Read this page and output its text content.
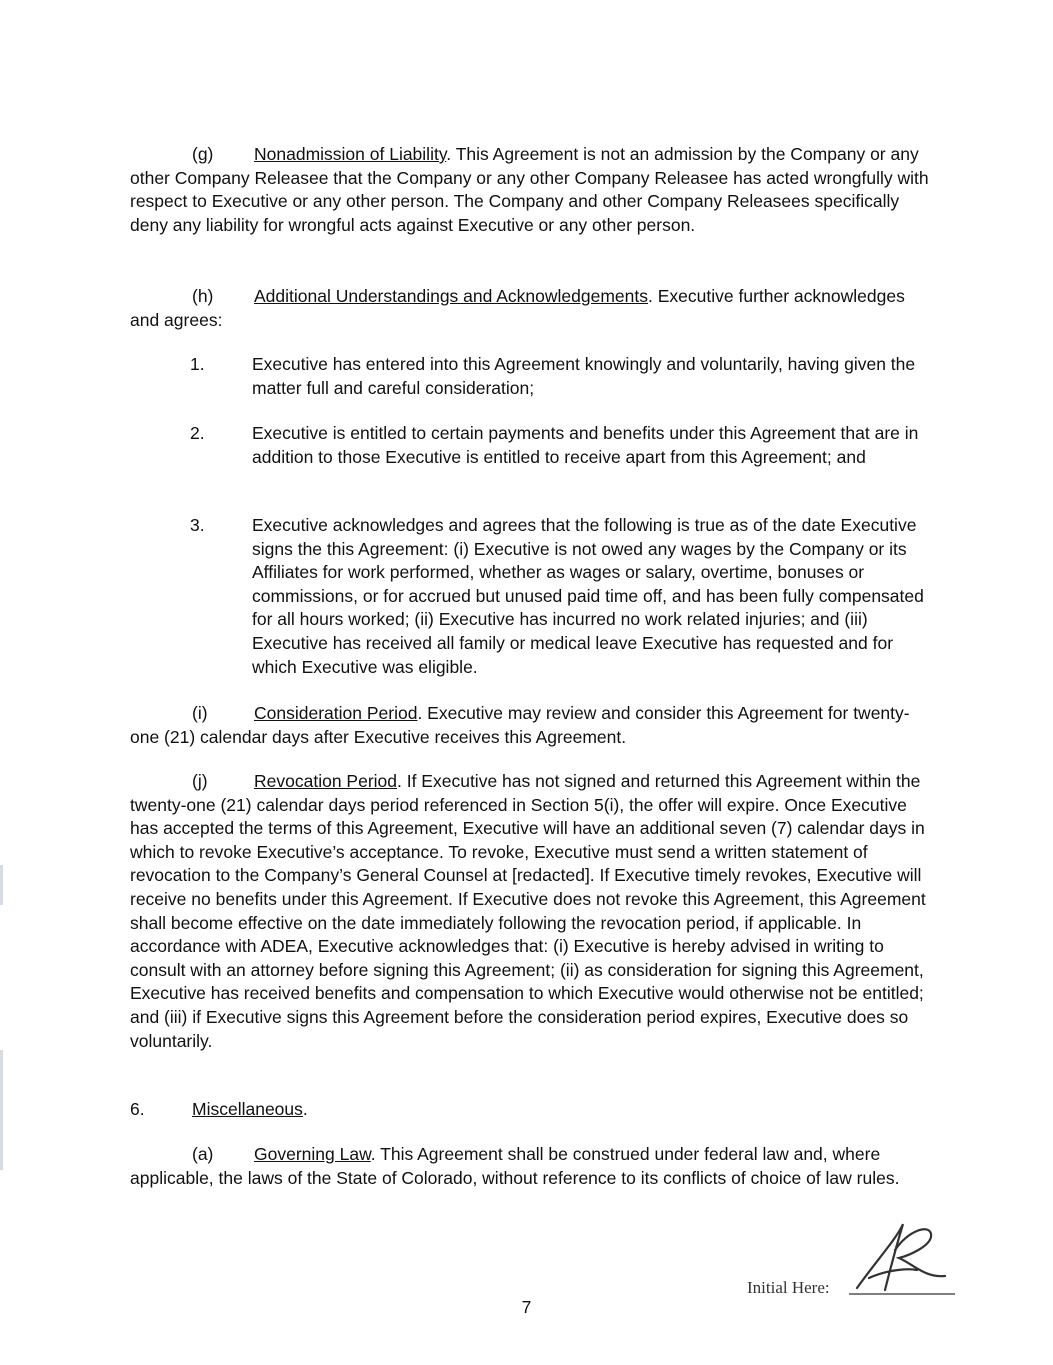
(g) Nonadmission of Liability. This Agreement is not an admission by the Company or any other Company Releasee that the Company or any other Company Releasee has acted wrongfully with respect to Executive or any other person. The Company and other Company Releasees specifically deny any liability for wrongful acts against Executive or any other person.

(h) Additional Understandings and Acknowledgements. Executive further acknowledges and agrees:

1.	Executive has entered into this Agreement knowingly and voluntarily, having given the matter full and careful consideration;

2.	Executive is entitled to certain payments and benefits under this Agreement that are in addition to those Executive is entitled to receive apart from this Agreement; and

3.	Executive acknowledges and agrees that the following is true as of the date Executive signs the this Agreement: (i) Executive is not owed any wages by the Company or its Affiliates for work performed, whether as wages or salary, overtime, bonuses or commissions, or for accrued but unused paid time off, and has been fully compensated for all hours worked; (ii) Executive has incurred no work related injuries; and (iii) Executive has received all family or medical leave Executive has requested and for which Executive was eligible.

(i)	Consideration Period. Executive may review and consider this Agreement for twenty-one (21) calendar days after Executive receives this Agreement.

(j)	Revocation Period. If Executive has not signed and returned this Agreement within the twenty-one (21) calendar days period referenced in Section 5(i), the offer will expire. Once Executive has accepted the terms of this Agreement, Executive will have an additional seven (7) calendar days in which to revoke Executive’s acceptance. To revoke, Executive must send a written statement of revocation to the Company’s General Counsel at [redacted]. If Executive timely revokes, Executive will receive no benefits under this Agreement. If Executive does not revoke this Agreement, this Agreement shall become effective on the date immediately following the revocation period, if applicable. In accordance with ADEA, Executive acknowledges that: (i) Executive is hereby advised in writing to consult with an attorney before signing this Agreement; (ii) as consideration for signing this Agreement, Executive has received benefits and compensation to which Executive would otherwise not be entitled; and (iii) if Executive signs this Agreement before the consideration period expires, Executive does so voluntarily.

6.	Miscellaneous.

(a) Governing Law. This Agreement shall be construed under federal law and, where applicable, the laws of the State of Colorado, without reference to its conflicts of choice of law rules.

Initial Here:
7
